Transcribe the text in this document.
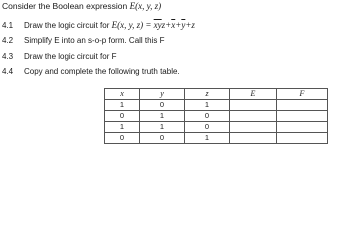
Consider the Boolean expression E(x, y, z)
4.1 Draw the logic circuit for E(x, y, $z) = \overline{xy}z+\overline{x}+\overline{y}+z$
4.2 Simplify E into an s-o-p form. Call this F
4.3 Draw the logic circuit for F
4.4 Copy and complete the following truth table.
x	y	z	E	F
1	0	1		
0	1	0		
1	1	0		
0	0	1		
